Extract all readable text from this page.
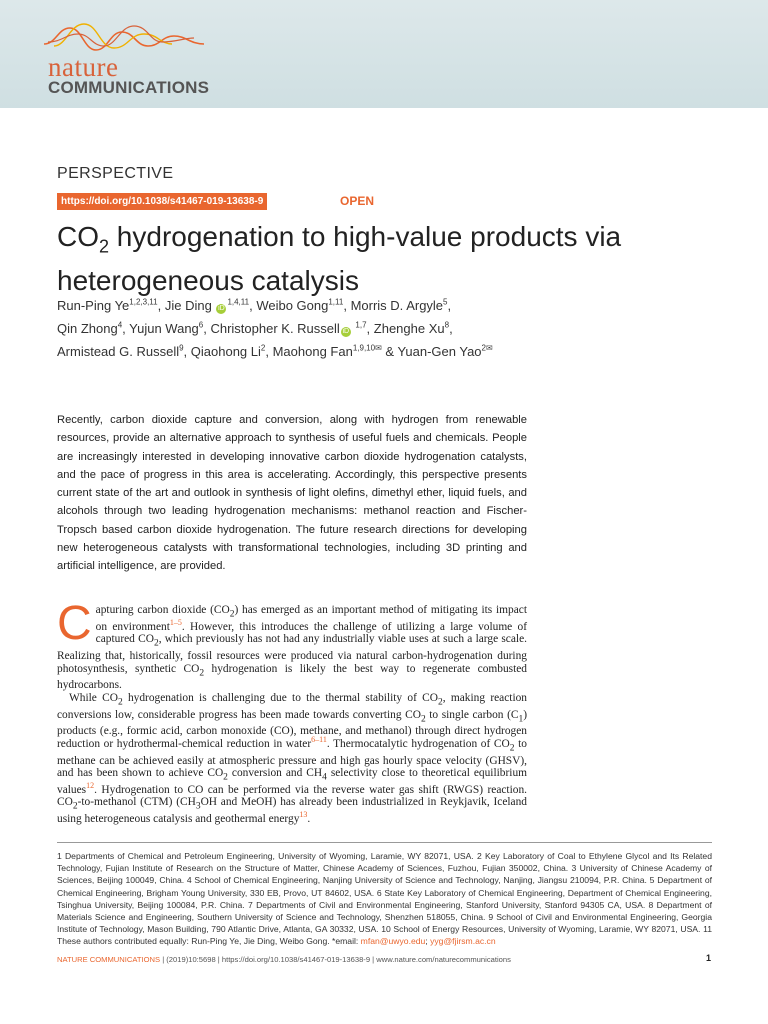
nature
COMMUNICATIONS
PERSPECTIVE
https://doi.org/10.1038/s41467-019-13638-9	OPEN
$CO_2$ hydrogenation to high-value products via heterogeneous catalysis
Run-Ping Ye$^{1,2,3,11}$, Jie Ding iD$^{1,4,11}$, Weibo Gong$^{1,11}$, Morris D. Argyle$^5$,
Qin Zhong$^4$, Yujun Wang$^6$, Christopher K. Russell iD $^{1,7}$, Zhenghe Xu$^8$,
Armistead G. Russell$^9$, Qiaohong Li$^2$, Maohong Fan$^{1,9,10✉}$ & Yuan-Gen Yao$^{2✉}$
Recently, carbon dioxide capture and conversion, along with hydrogen from renewable resources, provide an alternative approach to synthesis of useful fuels and chemicals. People are increasingly interested in developing innovative carbon dioxide hydrogenation catalysts, and the pace of progress in this area is accelerating. Accordingly, this perspective presents current state of the art and outlook in synthesis of light olefins, dimethyl ether, liquid fuels, and alcohols through two leading hydrogenation mechanisms: methanol reaction and Fischer-Tropsch based carbon dioxide hydrogenation. The future research directions for developing new heterogeneous catalysts with transformational technologies, including 3D printing and artificial intelligence, are provided.

Capturing carbon dioxide $(CO_2)$ has emerged as an important method of mitigating its impact on environment$^{1-5}$. However, this introduces the challenge of utilizing a large volume of captured $CO_2$, which previously has not had any industrially viable uses at such a large scale. Realizing that, historically, fossil resources were produced via natural carbon-hydrogenation during photosynthesis, synthetic $CO_2$ hydrogenation is likely the best way to regenerate combusted hydrocarbons.

While $CO_2$ hydrogenation is challenging due to the thermal stability of $CO_2$, making reaction conversions low, considerable progress has been made towards converting $CO_2$ to single carbon $(C_1)$ products (e.g., formic acid, carbon monoxide (CO), methane, and methanol) through direct hydrogen reduction or hydrothermal-chemical reduction in water$^{6-11}$. Thermocatalytic hydrogenation of $CO_2$ to methane can be achieved easily at atmospheric pressure and high gas hourly space velocity (GHSV), and has been shown to achieve $CO_2$ conversion and $CH_4$ selectivity close to theoretical equilibrium values$^{12}$. Hydrogenation to CO can be performed via the reverse water gas shift (RWGS) reaction. $CO_2-to$-methanol (CTM) ($CH_3OH$ and MeOH) has already been industrialized in Reykjavik, Iceland using heterogeneous catalysis and geothermal energy$^{13}$.

1 Departments of Chemical and Petroleum Engineering, University of Wyoming, Laramie, WY 82071, USA. 2 Key Laboratory of Coal to Ethylene Glycol and Its Related Technology, Fujian Institute of Research on the Structure of Matter, Chinese Academy of Sciences, Fuzhou, Fujian 350002, China. 3 University of Chinese Academy of Sciences, Beijing 100049, China. 4 School of Chemical Engineering, Nanjing University of Science and Technology, Nanjing, Jiangsu 210094, P.R. China. 5 Department of Chemical Engineering, Brigham Young University, 330 EB, Provo, UT 84602, USA. 6 State Key Laboratory of Chemical Engineering, Department of Chemical Engineering, Tsinghua University, Beijing 100084, P.R. China. 7 Departments of Civil and Environmental Engineering, Stanford University, Stanford 94305 CA, USA. 8 Department of Materials Science and Engineering, Southern University of Science and Technology, Shenzhen 518055, China. 9 School of Civil and Environmental Engineering, Georgia Institute of Technology, Mason Building, 790 Atlantic Drive, Atlanta, GA 30332, USA. 10 School of Energy Resources, University of Wyoming, Laramie, WY 82071, USA. 11 These authors contributed equally: Run-Ping Ye, Jie Ding, Weibo Gong. *email: mfan@uwyo.edu; yyg@fjirsm.ac.cn
NATURE COMMUNICATIONS | (2019)10:5698 | https://doi.org/10.1038/s41467-019-13638-9 | www.nature.com/naturecommunications	1
